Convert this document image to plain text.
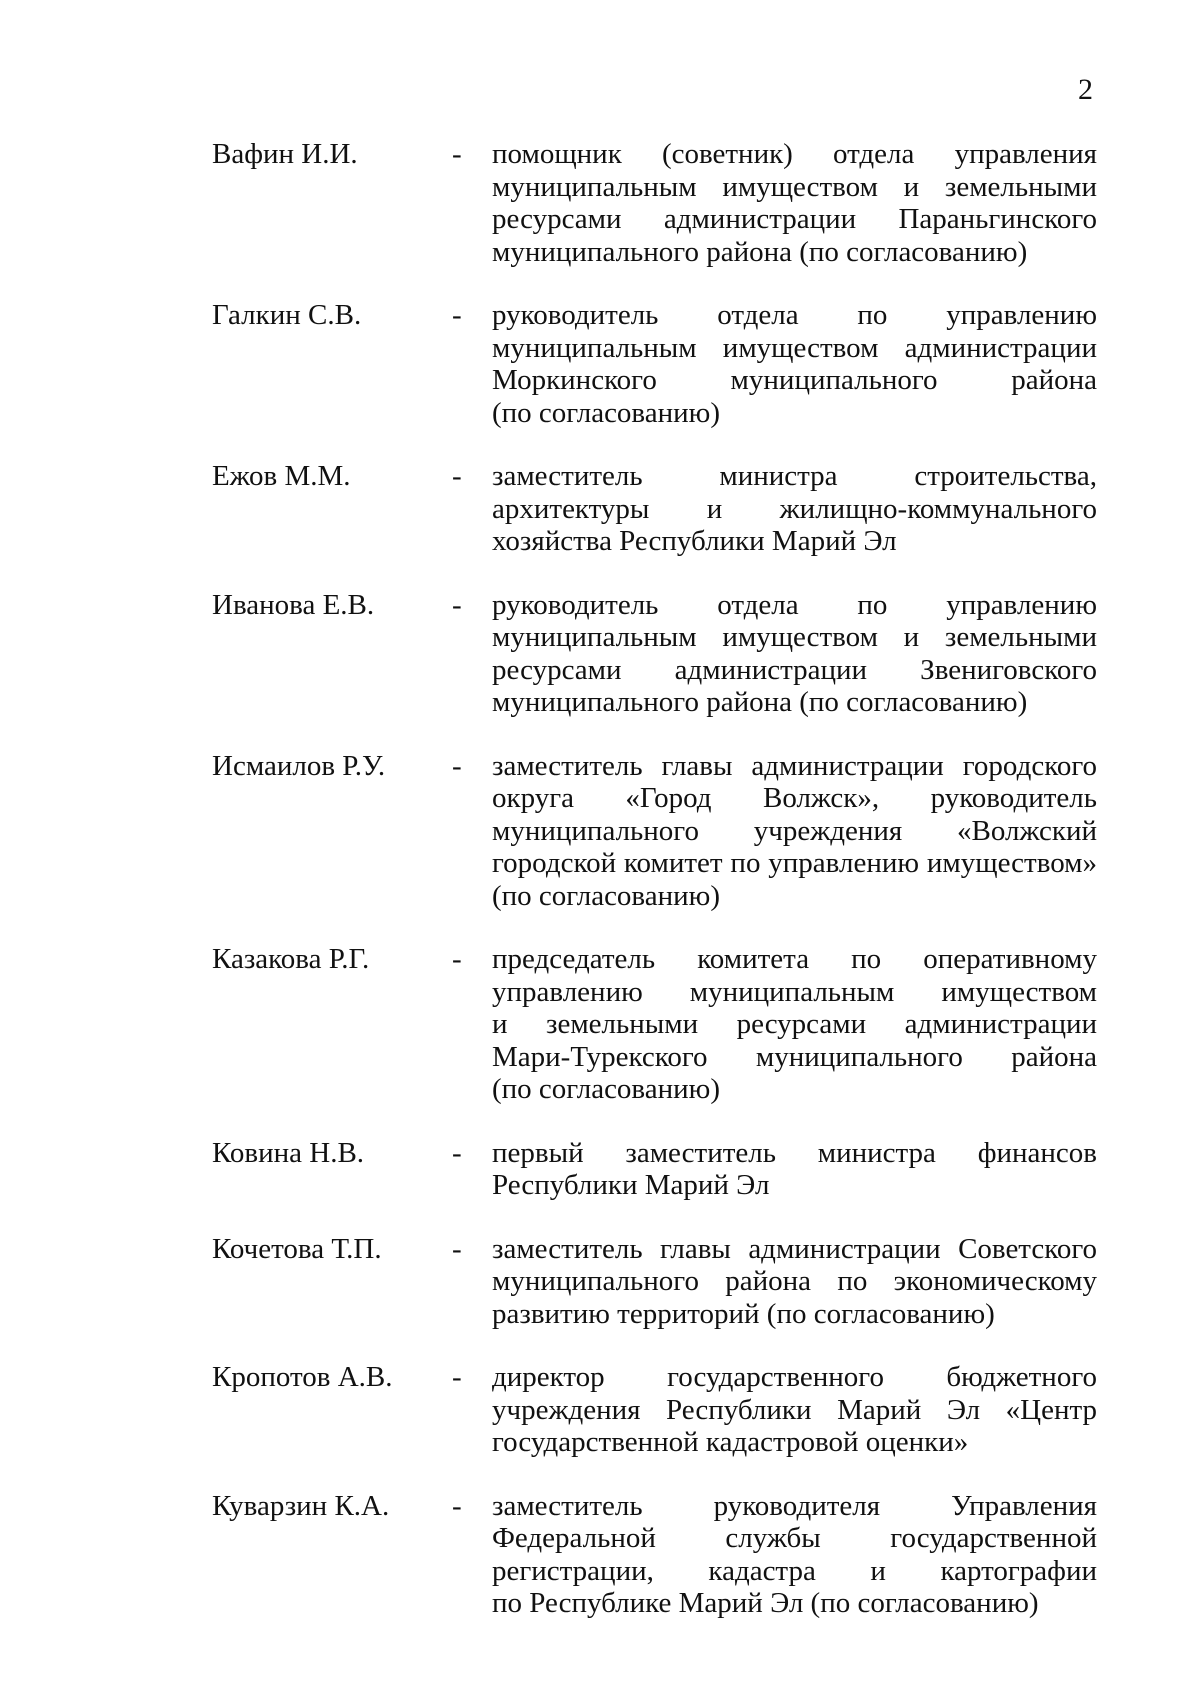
2
Вафин И.И.	-	помощник (советник) отдела управления
муниципальным имуществом и земельными
ресурсами администрации Параньгинского
муниципального района (по согласованию)
Галкин С.В.	-	руководитель отдела по управлению
муниципальным имуществом администрации
Моркинского муниципального района
(по согласованию)
Ежов М.М.	-	заместитель министра строительства,
архитектуры и жилищно-коммунального
хозяйства Республики Марий Эл
Иванова Е.В.	-	руководитель отдела по управлению
муниципальным имуществом и земельными
ресурсами администрации Звениговского
муниципального района (по согласованию)
Исмаилов Р.У.	-	заместитель главы администрации городского
округа «Город Волжск», руководитель
муниципального учреждения «Волжский
городской комитет по управлению имуществом»
(по согласованию)
Казакова Р.Г.	-	председатель комитета по оперативному
управлению муниципальным имуществом
и земельными ресурсами администрации
Мари-Турекского муниципального района
(по согласованию)
Ковина Н.В.	-	первый заместитель министра финансов
Республики Марий Эл
Кочетова Т.П.	-	заместитель главы администрации Советского
муниципального района по экономическому
развитию территорий (по согласованию)
Кропотов А.В.	-	директор государственного бюджетного
учреждения Республики Марий Эл «Центр
государственной кадастровой оценки»
Куварзин К.А.	-	заместитель руководителя Управления
Федеральной службы государственной
регистрации, кадастра и картографии
по Республике Марий Эл (по согласованию)
